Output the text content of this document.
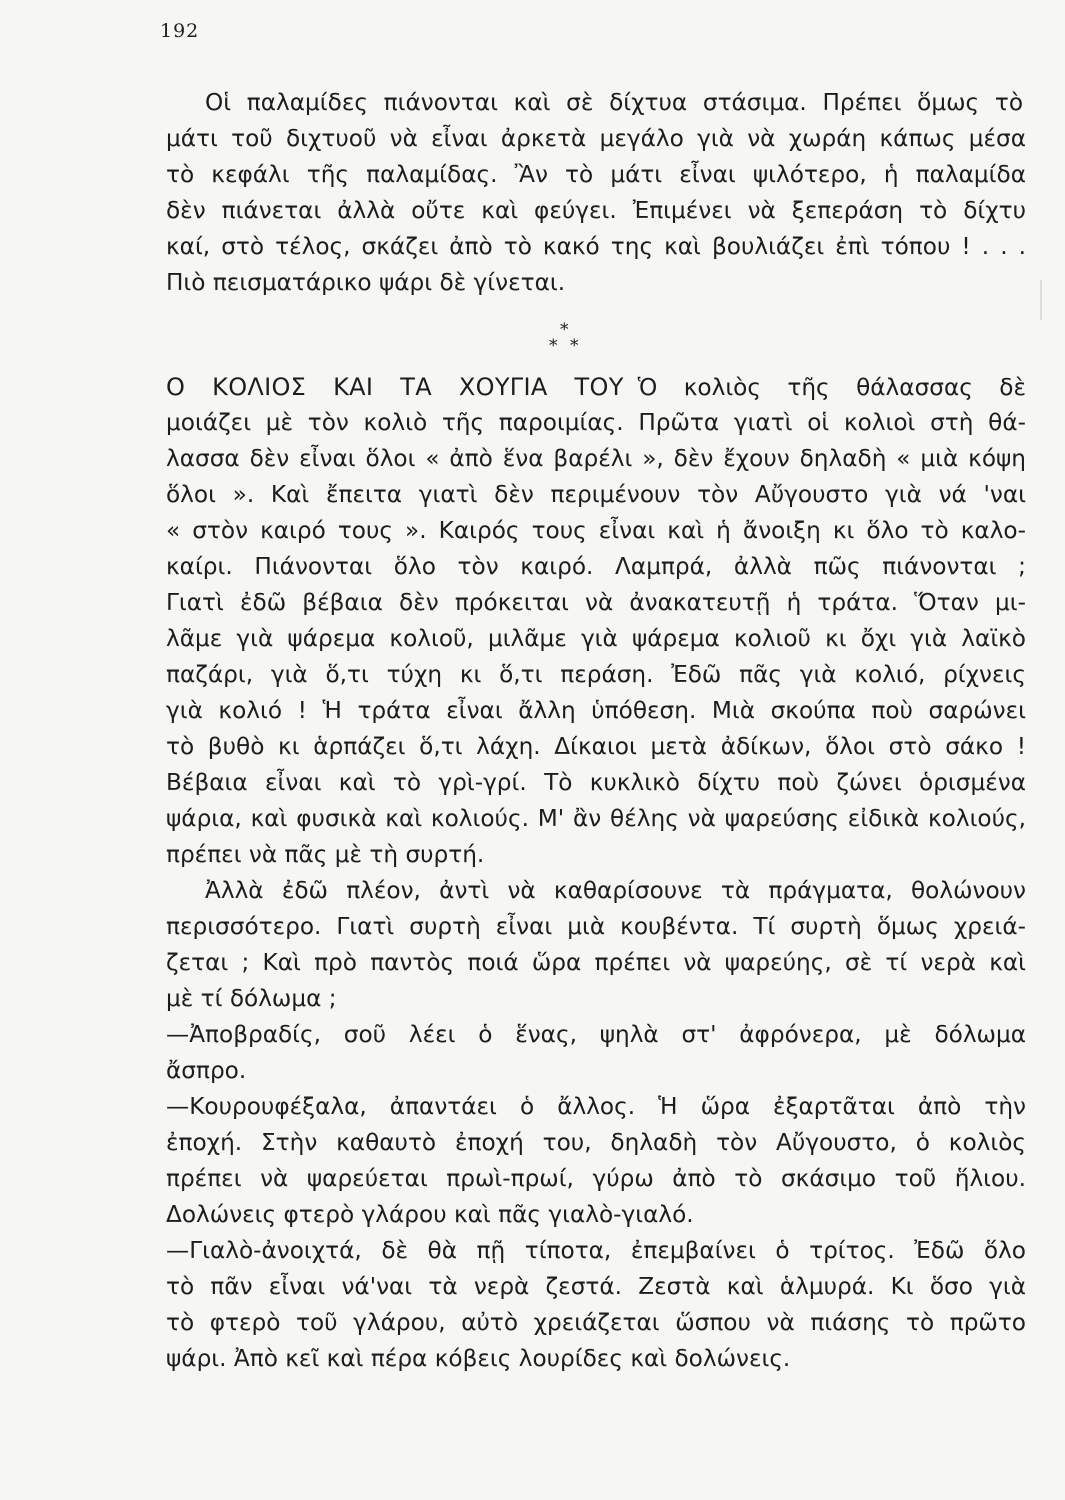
192
Οἱ παλαμίδες πιάνονται καὶ σὲ δίχτυα στάσιμα. Πρέπει ὅμως τὸ
μάτι τοῦ διχτυοῦ νὰ εἶναι ἀρκετὰ μεγάλο γιὰ νὰ χωράη κάπως μέσα
τὸ κεφάλι τῆς παλαμίδας. Ἂν τὸ μάτι εἶναι ψιλότερο, ἡ παλαμίδα
δὲν πιάνεται ἀλλὰ οὔτε καὶ φεύγει. Ἐπιμένει νὰ ξεπεράση τὸ δίχτυ
καί, στὸ τέλος, σκάζει ἀπὸ τὸ κακό της καὶ βουλιάζει ἐπὶ τόπου ! . . .
Πιὸ πεισματάρικο ψάρι δὲ γίνεται.
*
* *
Ο ΚΟΛΙΟΣ ΚΑΙ ΤΑ ΧΟΥΓΙΑ ΤΟΥ Ὁ κολιὸς τῆς θάλασσας δὲ
μοιάζει μὲ τὸν κολιὸ τῆς παροιμίας. Πρῶτα γιατὶ οἱ κολιοὶ στὴ θά-
λασσα δὲν εἶναι ὅλοι « ἀπὸ ἕνα βαρέλι », δὲν ἔχουν δηλαδὴ « μιὰ κόψη
ὅλοι ». Καὶ ἔπειτα γιατὶ δὲν περιμένουν τὸν Αὔγουστο γιὰ νά 'ναι
« στὸν καιρό τους ». Καιρός τους εἶναι καὶ ἡ ἄνοιξη κι ὅλο τὸ καλο-
καίρι. Πιάνονται ὅλο τὸν καιρό. Λαμπρά, ἀλλὰ πῶς πιάνονται ;
Γιατὶ ἐδῶ βέβαια δὲν πρόκειται νὰ ἀνακατευτῇ ἡ τράτα. Ὅταν μι-
λᾶμε γιὰ ψάρεμα κολιοῦ, μιλᾶμε γιὰ ψάρεμα κολιοῦ κι ὄχι γιὰ λαϊκὸ
παζάρι, γιὰ ὅ,τι τύχη κι ὅ,τι περάση. Ἐδῶ πᾶς γιὰ κολιό, ρίχνεις
γιὰ κολιό ! Ἡ τράτα εἶναι ἄλλη ὑπόθεση. Μιὰ σκούπα ποὺ σαρώνει
τὸ βυθὸ κι ἁρπάζει ὅ,τι λάχη. Δίκαιοι μετὰ ἀδίκων, ὅλοι στὸ σάκο !
Βέβαια εἶναι καὶ τὸ γρὶ-γρί. Τὸ κυκλικὸ δίχτυ ποὺ ζώνει ὁρισμένα
ψάρια, καὶ φυσικὰ καὶ κολιούς. Μ' ἂν θέλης νὰ ψαρεύσης εἰδικὰ κολιούς,
πρέπει νὰ πᾶς μὲ τὴ συρτή.
Ἀλλὰ ἐδῶ πλέον, ἀντὶ νὰ καθαρίσουνε τὰ πράγματα, θολώνουν
περισσότερο. Γιατὶ συρτὴ εἶναι μιὰ κουβέντα. Τί συρτὴ ὅμως χρειά-
ζεται ; Καὶ πρὸ παντὸς ποιά ὥρα πρέπει νὰ ψαρεύης, σὲ τί νερὰ καὶ
μὲ τί δόλωμα ;
—Ἀποβραδίς, σοῦ λέει ὁ ἕνας, ψηλὰ στ' ἀφρόνερα, μὲ δόλωμα
ἄσπρο.
—Κουρουφέξαλα, ἀπαντάει ὁ ἄλλος. Ἡ ὥρα ἐξαρτᾶται ἀπὸ τὴν
ἐποχή. Στὴν καθαυτὸ ἐποχή του, δηλαδὴ τὸν Αὔγουστο, ὁ κολιὸς
πρέπει νὰ ψαρεύεται πρωὶ-πρωί, γύρω ἀπὸ τὸ σκάσιμο τοῦ ἥλιου.
Δολώνεις φτερὸ γλάρου καὶ πᾶς γιαλὸ-γιαλό.
—Γιαλὸ-ἀνοιχτά, δὲ θὰ πῇ τίποτα, ἐπεμβαίνει ὁ τρίτος. Ἐδῶ ὅλο
τὸ πᾶν εἶναι νά'ναι τὰ νερὰ ζεστά. Ζεστὰ καὶ ἁλμυρά. Κι ὅσο γιὰ
τὸ φτερὸ τοῦ γλάρου, αὐτὸ χρειάζεται ὥσπου νὰ πιάσης τὸ πρῶτο
ψάρι. Ἀπὸ κεῖ καὶ πέρα κόβεις λουρίδες καὶ δολώνεις.
